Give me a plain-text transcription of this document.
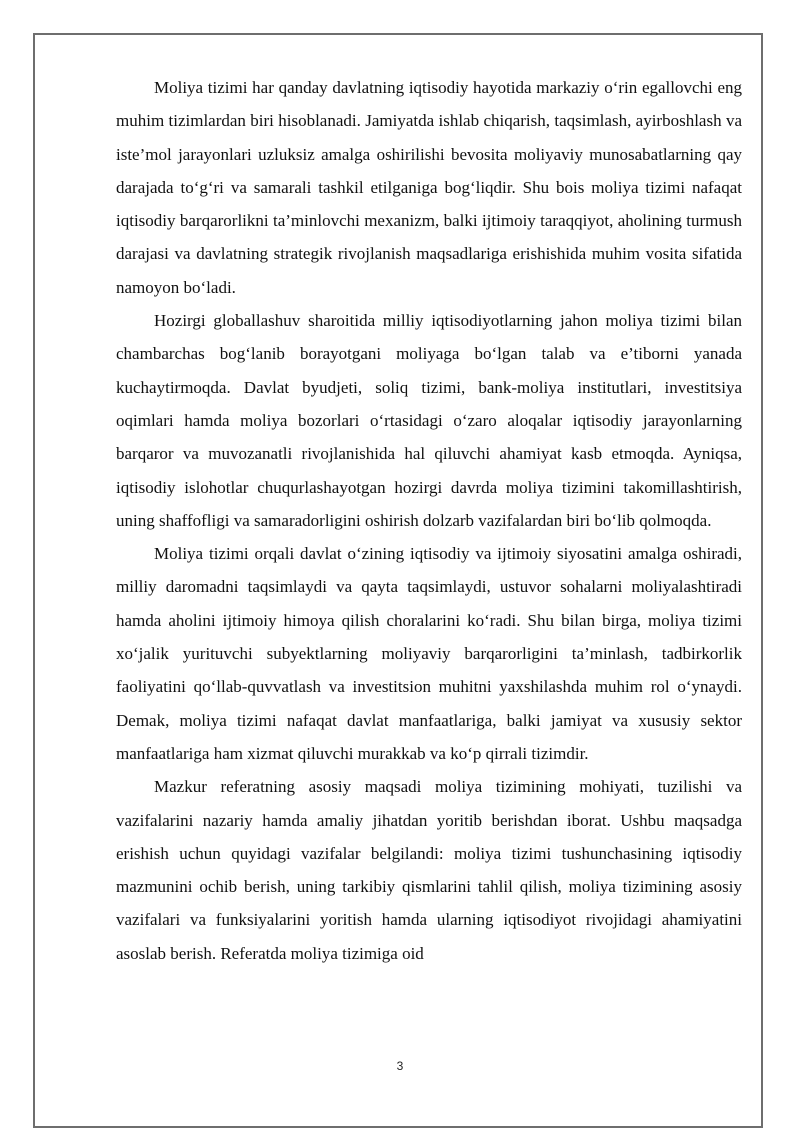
Moliya tizimi har qanday davlatning iqtisodiy hayotida markaziy o‘rin egallovchi eng muhim tizimlardan biri hisoblanadi. Jamiyatda ishlab chiqarish, taqsimlash, ayirboshlash va iste’mol jarayonlari uzluksiz amalga oshirilishi bevosita moliyaviy munosabatlarning qay darajada to‘g‘ri va samarali tashkil etilganiga bog‘liqdir. Shu bois moliya tizimi nafaqat iqtisodiy barqarorlikni ta’minlovchi mexanizm, balki ijtimoiy taraqqiyot, aholining turmush darajasi va davlatning strategik rivojlanish maqsadlariga erishishida muhim vosita sifatida namoyon bo‘ladi.

Hozirgi globallashuv sharoitida milliy iqtisodiyotlarning jahon moliya tizimi bilan chambarchas bog‘lanib borayotgani moliyaga bo‘lgan talab va e’tiborni yanada kuchaytirmoqda. Davlat byudjeti, soliq tizimi, bank-moliya institutlari, investitsiya oqimlari hamda moliya bozorlari o‘rtasidagi o‘zaro aloqalar iqtisodiy jarayonlarning barqaror va muvozanatli rivojlanishida hal qiluvchi ahamiyat kasb etmoqda. Ayniqsa, iqtisodiy islohotlar chuqurlashayotgan hozirgi davrda moliya tizimini takomillashtirish, uning shaffofligi va samaradorligini oshirish dolzarb vazifalardan biri bo‘lib qolmoqda.

Moliya tizimi orqali davlat o‘zining iqtisodiy va ijtimoiy siyosatini amalga oshiradi, milliy daromadni taqsimlaydi va qayta taqsimlaydi, ustuvor sohalarni moliyalashtiradi hamda aholini ijtimoiy himoya qilish choralarini ko‘radi. Shu bilan birga, moliya tizimi xo‘jalik yurituvchi subyektlarning moliyaviy barqarorligini ta’minlash, tadbirkorlik faoliyatini qo‘llab-quvvatlash va investitsion muhitni yaxshilashda muhim rol o‘ynaydi. Demak, moliya tizimi nafaqat davlat manfaatlariga, balki jamiyat va xususiy sektor manfaatlariga ham xizmat qiluvchi murakkab va ko‘p qirrali tizimdir.

Mazkur referatning asosiy maqsadi moliya tizimining mohiyati, tuzilishi va vazifalarini nazariy hamda amaliy jihatdan yoritib berishdan iborat. Ushbu maqsadga erishish uchun quyidagi vazifalar belgilandi: moliya tizimi tushunchasining iqtisodiy mazmunini ochib berish, uning tarkibiy qismlarini tahlil qilish, moliya tizimining asosiy vazifalari va funksiyalarini yoritish hamda ularning iqtisodiyot rivojidagi ahamiyatini asoslab berish. Referatda moliya tizimiga oid

3
